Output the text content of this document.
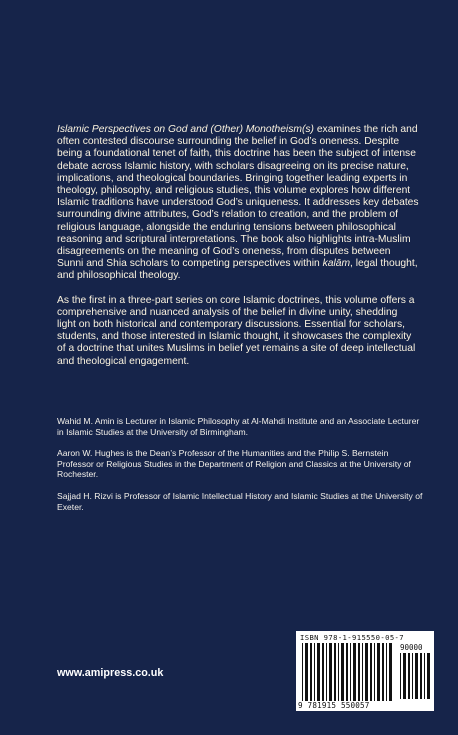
Islamic Perspectives on God and (Other) Monotheism(s) examines the rich and often contested discourse surrounding the belief in God’s oneness. Despite being a foundational tenet of faith, this doctrine has been the subject of intense debate across Islamic history, with scholars disagreeing on its precise nature, implications, and theological boundaries. Bringing together leading experts in theology, philosophy, and religious studies, this volume explores how different Islamic traditions have understood God’s uniqueness. It addresses key debates surrounding divine attributes, God’s relation to creation, and the problem of religious language, alongside the enduring tensions between philosophical reasoning and scriptural interpretations. The book also highlights intra-Muslim disagreements on the meaning of God’s oneness, from disputes between Sunni and Shia scholars to competing perspectives within kalām, legal thought, and philosophical theology.

As the first in a three-part series on core Islamic doctrines, this volume offers a comprehensive and nuanced analysis of the belief in divine unity, shedding light on both historical and contemporary discussions. Essential for scholars, students, and those interested in Islamic thought, it showcases the complexity of a doctrine that unites Muslims in belief yet remains a site of deep intellectual and theological engagement.

Wahid M. Amin is Lecturer in Islamic Philosophy at Al-Mahdi Institute and an Associate Lecturer in Islamic Studies at the University of Birmingham.

Aaron W. Hughes is the Dean’s Professor of the Humanities and the Philip S. Bernstein Professor or Religious Studies in the Department of Religion and Classics at the University of Rochester.

Sajjad H. Rizvi is Professor of Islamic Intellectual History and Islamic Studies at the University of Exeter.

www.amipress.co.uk
ISBN 978-1-915550-05-7
90000
9 781915 550057
